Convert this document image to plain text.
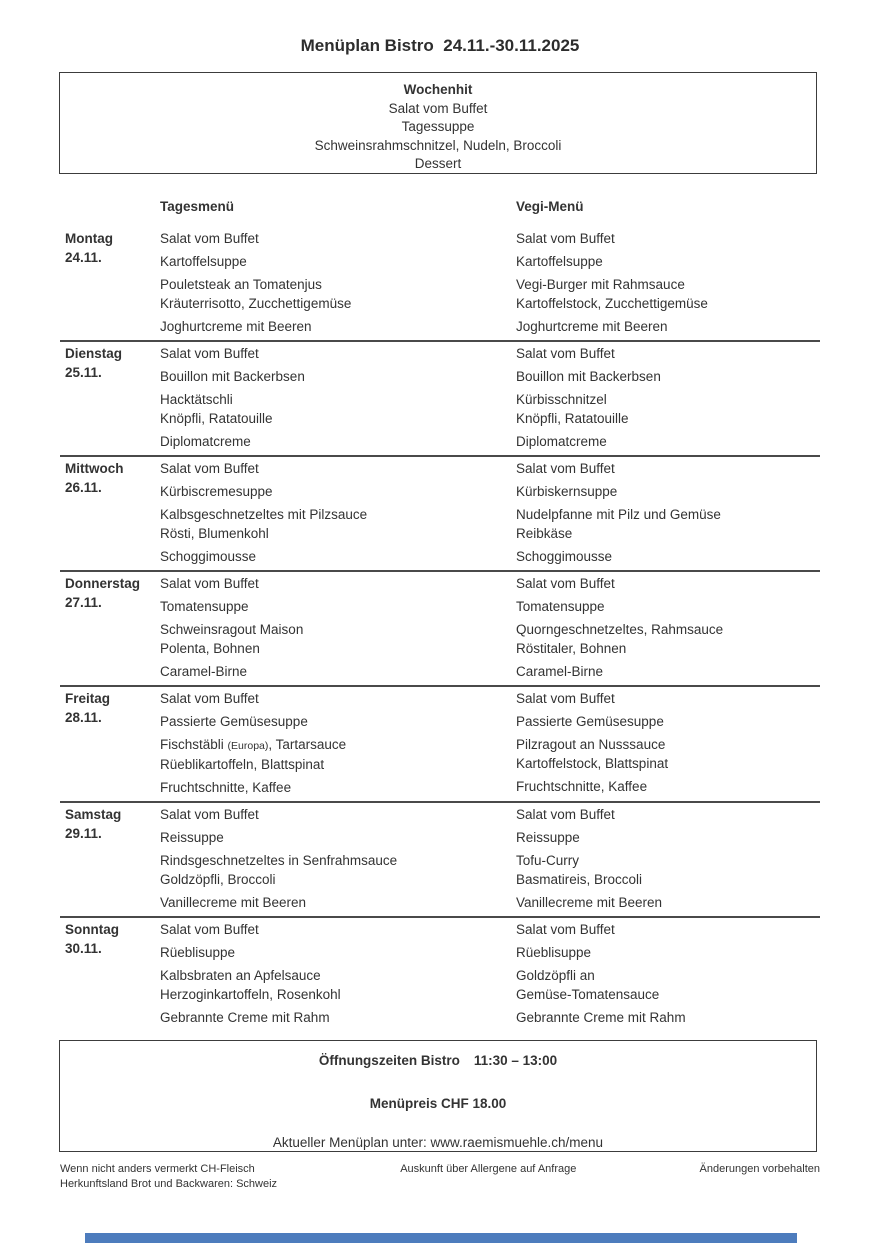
Menüplan Bistro  24.11.-30.11.2025

Wochenhit

Salat vom Buffet

Tagessuppe

Schweinsrahmschnitzel, Nudeln, Broccoli

Dessert

Tagesmenü	Vegi-Menü
Montag
24.11.

Salat vom Buffet

Kartoffelsuppe

Pouletsteak an Tomatenjus

Kräuterrisotto, Zucchettigemüse

Joghurtcreme mit Beeren

Salat vom Buffet

Kartoffelsuppe

Vegi-Burger mit Rahmsauce

Kartoffelstock, Zucchettigemüse

Joghurtcreme mit Beeren

Dienstag
25.11.

Salat vom Buffet

Bouillon mit Backerbsen

Hacktätschli

Knöpfli, Ratatouille

Diplomatcreme

Salat vom Buffet

Bouillon mit Backerbsen

Kürbisschnitzel

Knöpfli, Ratatouille

Diplomatcreme

Mittwoch
26.11.

Salat vom Buffet

Kürbiscremesuppe

Kalbsgeschnetzeltes mit Pilzsauce

Rösti, Blumenkohl

Schoggimousse

Salat vom Buffet

Kürbiskernsuppe

Nudelpfanne mit Pilz und Gemüse

Reibkäse

Schoggimousse

Donnerstag
27.11.

Salat vom Buffet

Tomatensuppe

Schweinsragout Maison

Polenta, Bohnen

Caramel-Birne

Salat vom Buffet

Tomatensuppe

Quorngeschnetzeltes, Rahmsauce

Röstitaler, Bohnen

Caramel-Birne

Freitag
28.11.

Salat vom Buffet

Passierte Gemüsesuppe

Fischstäbli (Europa), Tartarsauce

Rüeblikartoffeln, Blattspinat

Fruchtschnitte, Kaffee

Salat vom Buffet

Passierte Gemüsesuppe

Pilzragout an Nusssauce

Kartoffelstock, Blattspinat

Fruchtschnitte, Kaffee

Samstag
29.11.

Salat vom Buffet

Reissuppe

Rindsgeschnetzeltes in Senfrahmsauce

Goldzöpfli, Broccoli

Vanillecreme mit Beeren

Salat vom Buffet

Reissuppe

Tofu-Curry

Basmatireis, Broccoli

Vanillecreme mit Beeren

Sonntag
30.11.

Salat vom Buffet

Rüeblisuppe

Kalbsbraten an Apfelsauce

Herzoginkartoffeln, Rosenkohl

Gebrannte Creme mit Rahm

Salat vom Buffet

Rüeblisuppe

Goldzöpfli an

Gemüse-Tomatensauce

Gebrannte Creme mit Rahm

Öffnungszeiten Bistro 11:30 – 13:00

Menüpreis CHF 18.00

Aktueller Menüplan unter: www.raemismuehle.ch/menu

Wenn nicht anders vermerkt CH-Fleisch
Herkunftsland Brot und Backwaren: Schweiz
Auskunft über Allergene auf Anfrage	Änderungen vorbehalten
